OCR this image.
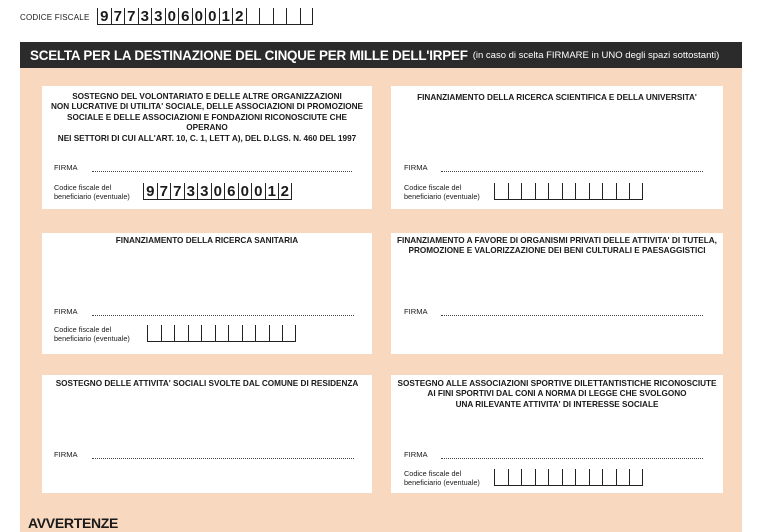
CODICE FISCALE 9 7 7 3 3 0 6 0 0 1 2
SCELTA PER LA DESTINAZIONE DEL CINQUE PER MILLE DELL'IRPEF (in caso di scelta FIRMARE in UNO degli spazi sottostanti)
SOSTEGNO DEL VOLONTARIATO E DELLE ALTRE ORGANIZZAZIONI
NON LUCRATIVE DI UTILITA' SOCIALE, DELLE ASSOCIAZIONI DI PROMOZIONE
SOCIALE E DELLE ASSOCIAZIONI E FONDAZIONI RICONOSCIUTE CHE OPERANO
NEI SETTORI DI CUI ALL'ART. 10, C. 1, LETT A), DEL D.LGS. N. 460 DEL 1997
FIRMA
Codice fiscale del
beneficiario (eventuale) 9 7 7 3 3 0 6 0 0 1 2
FINANZIAMENTO DELLA RICERCA SCIENTIFICA E DELLA UNIVERSITA'
FIRMA
Codice fiscale del
beneficiario (eventuale)
FINANZIAMENTO DELLA RICERCA SANITARIA
FIRMA
Codice fiscale del
beneficiario (eventuale)
FINANZIAMENTO A FAVORE DI ORGANISMI PRIVATI DELLE ATTIVITA' DI TUTELA,
PROMOZIONE E VALORIZZAZIONE DEI BENI CULTURALI E PAESAGGISTICI
FIRMA
SOSTEGNO DELLE ATTIVITA' SOCIALI SVOLTE DAL COMUNE DI RESIDENZA
FIRMA
SOSTEGNO ALLE ASSOCIAZIONI SPORTIVE DILETTANTISTICHE RICONOSCIUTE
AI FINI SPORTIVI DAL CONI A NORMA DI LEGGE CHE SVOLGONO
UNA RILEVANTE ATTIVITA' DI INTERESSE SOCIALE
FIRMA
Codice fiscale del
beneficiario (eventuale)
AVVERTENZE
